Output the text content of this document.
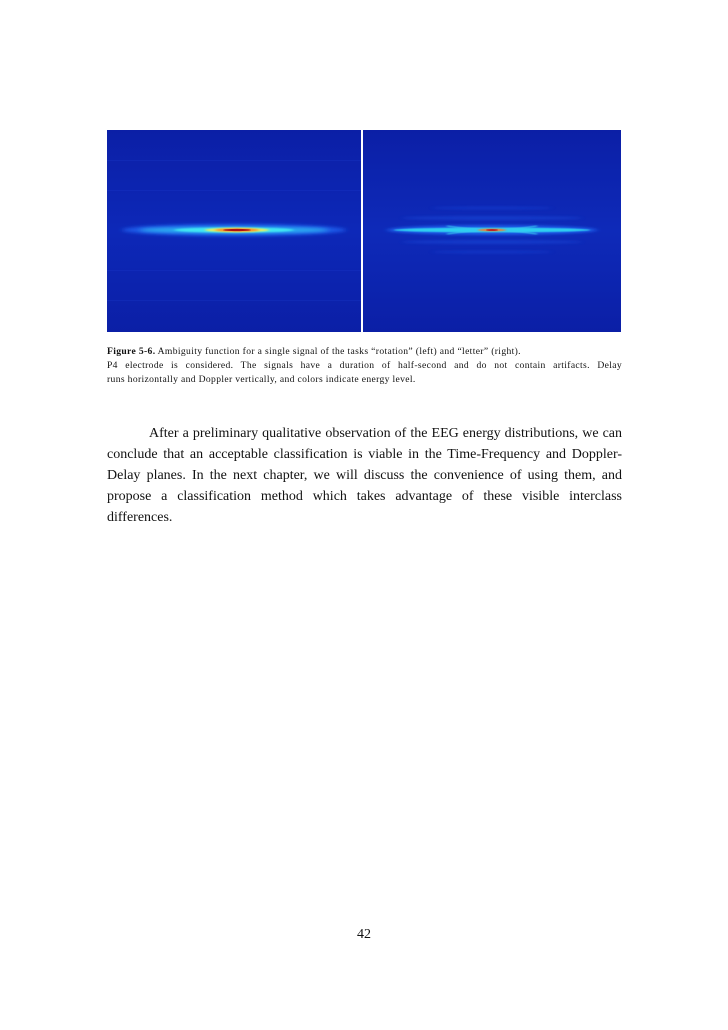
Figure 5-6. Ambiguity function for a single signal of the tasks “rotation” (left) and “letter” (right).
P4 electrode is considered. The signals have a duration of half-second and do not contain artifacts. Delay
runs horizontally and Doppler vertically, and colors indicate energy level.
After a preliminary qualitative observation of the EEG energy distributions, we can conclude that an acceptable classification is viable in the Time-Frequency and Doppler-Delay planes. In the next chapter, we will discuss the convenience of using them, and propose a classification method which takes advantage of these visible interclass differences.
42
